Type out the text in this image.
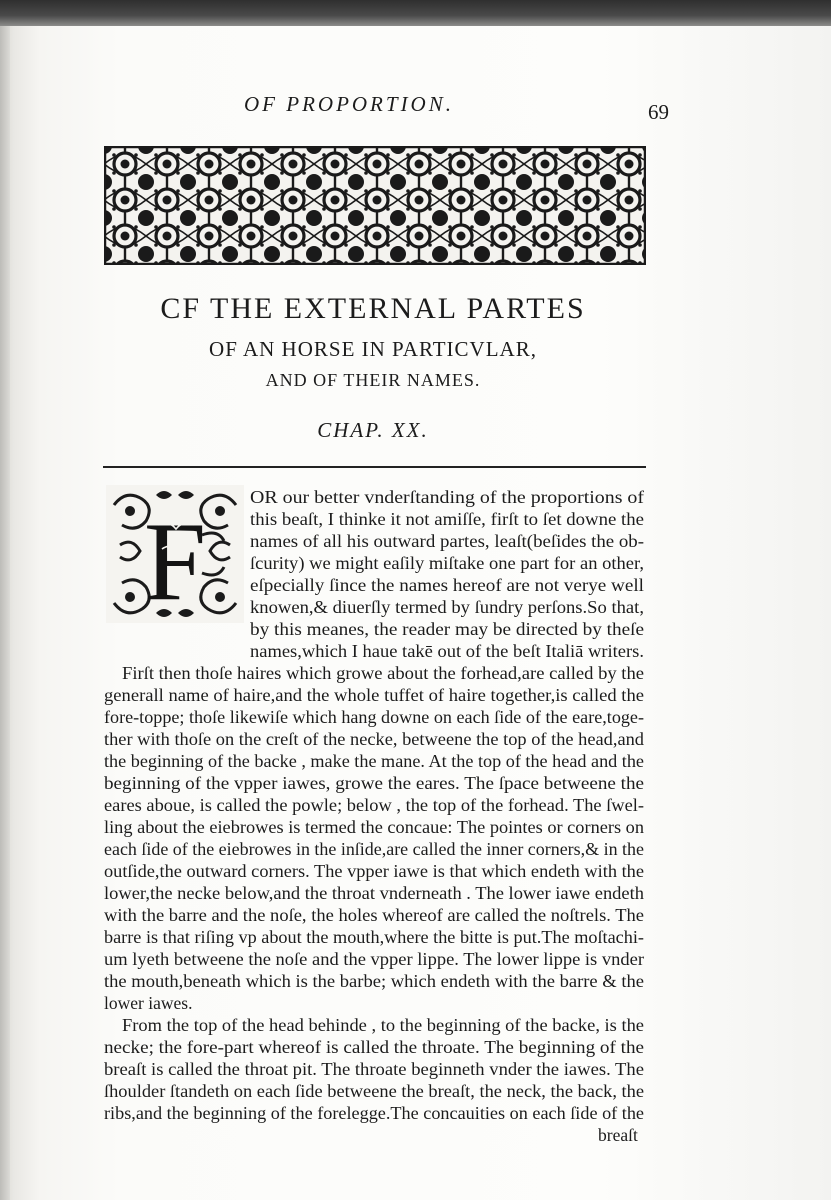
OF PROPORTION.	69
CF THE EXTERNAL PARTES
OF AN HORSE IN PARTICVLAR,
AND OF THEIR NAMES.
CHAP. XX.
F
OR our better vnderſtanding of the proportions of
this beaſt, I thinke it not amiſſe, firſt to ſet downe the
names of all his outward partes, leaſt(beſides the ob-
ſcurity) we might eaſily miſtake one part for an other,
eſpecially ſince the names hereof are not verye well
knowen,& diuerſly termed by ſundry perſons.So that,
by this meanes, the reader may be directed by theſe
names,which I haue takē out of the beſt Italiā writers.
Firſt then thoſe haires which growe about the forhead,are called by the
generall name of haire,and the whole tuffet of haire together,is called the
fore-toppe; thoſe likewiſe which hang downe on each ſide of the eare,toge-
ther with thoſe on the creſt of the necke, betweene the top of the head,and
the beginning of the backe , make the mane. At the top of the head and the
beginning of the vpper iawes, growe the eares. The ſpace betweene the
eares aboue, is called the powle; below , the top of the forhead. The ſwel-
ling about the eiebrowes is termed the concaue: The pointes or corners on
each ſide of the eiebrowes in the inſide,are called the inner corners,& in the
outſide,the outward corners. The vpper iawe is that which endeth with the
lower,the necke below,and the throat vnderneath . The lower iawe endeth
with the barre and the noſe, the holes whereof are called the noſtrels. The
barre is that riſing vp about the mouth,where the bitte is put.The moſtachi-
um lyeth betweene the noſe and the vpper lippe. The lower lippe is vnder
the mouth,beneath which is the barbe; which endeth with the barre & the
lower iawes.
From the top of the head behinde , to the beginning of the backe, is the
necke; the fore-part whereof is called the throate. The beginning of the
breaſt is called the throat pit. The throate beginneth vnder the iawes. The
ſhoulder ſtandeth on each ſide betweene the breaſt, the neck, the back, the
ribs,and the beginning of the forelegge.The concauities on each ſide of the
breaſt
